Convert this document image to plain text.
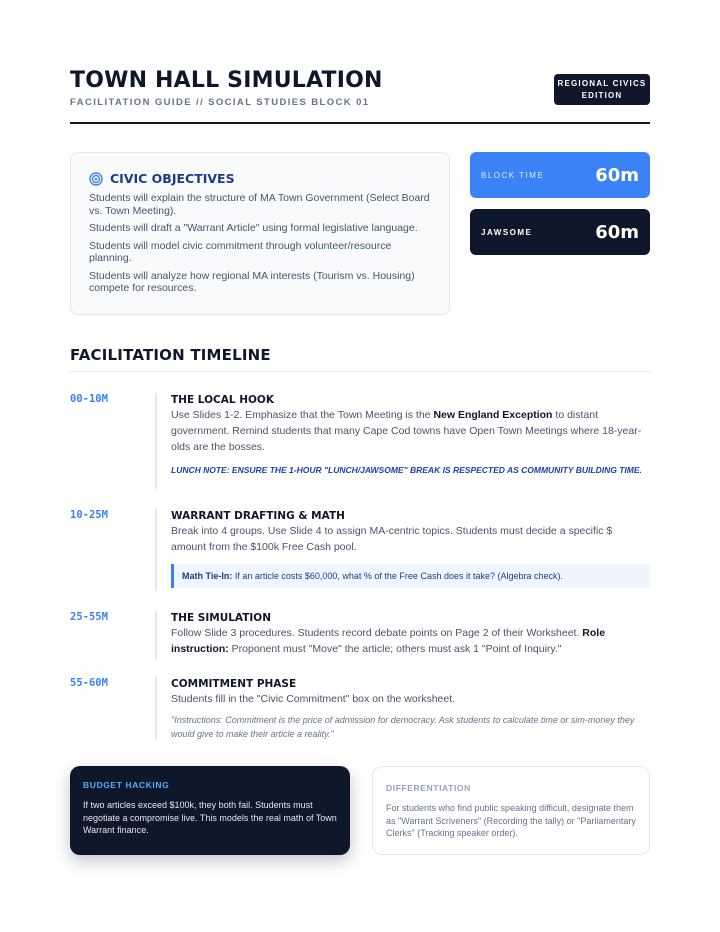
TOWN HALL SIMULATION
FACILITATION GUIDE // SOCIAL STUDIES BLOCK 01
REGIONAL CIVICS
EDITION
CIVIC OBJECTIVES
Students will explain the structure of MA Town Government (Select Board vs. Town Meeting).
Students will draft a "Warrant Article" using formal legislative language.
Students will model civic commitment through volunteer/resource planning.
Students will analyze how regional MA interests (Tourism vs. Housing) compete for resources.
BLOCK TIME	60m
JAWSOME	60m
FACILITATION TIMELINE
00-10M	THE LOCAL HOOK
Use Slides 1-2. Emphasize that the Town Meeting is the New England Exception to distant government. Remind students that many Cape Cod towns have Open Town Meetings where 18-year-olds are the bosses.
LUNCH NOTE: ENSURE THE 1-HOUR "LUNCH/JAWSOME" BREAK IS RESPECTED AS COMMUNITY BUILDING TIME.
10-25M	WARRANT DRAFTING & MATH
Break into 4 groups. Use Slide 4 to assign MA-centric topics. Students must decide a specific $ amount from the $100k Free Cash pool.
Math Tie-In: If an article costs $60,000, what % of the Free Cash does it take? (Algebra check).
25-55M	THE SIMULATION
Follow Slide 3 procedures. Students record debate points on Page 2 of their Worksheet. Role instruction: Proponent must "Move" the article; others must ask 1 "Point of Inquiry."
55-60M	COMMITMENT PHASE
Students fill in the "Civic Commitment" box on the worksheet.
"Instructions: Commitment is the price of admission for democracy. Ask students to calculate time or sim-money they would give to make their article a reality."
BUDGET HACKING
If two articles exceed $100k, they both fail. Students must negotiate a compromise live. This models the real math of Town Warrant finance.
DIFFERENTIATION
For students who find public speaking difficult, designate them as "Warrant Scriveners" (Recording the tally) or "Parliamentary Clerks" (Tracking speaker order).
